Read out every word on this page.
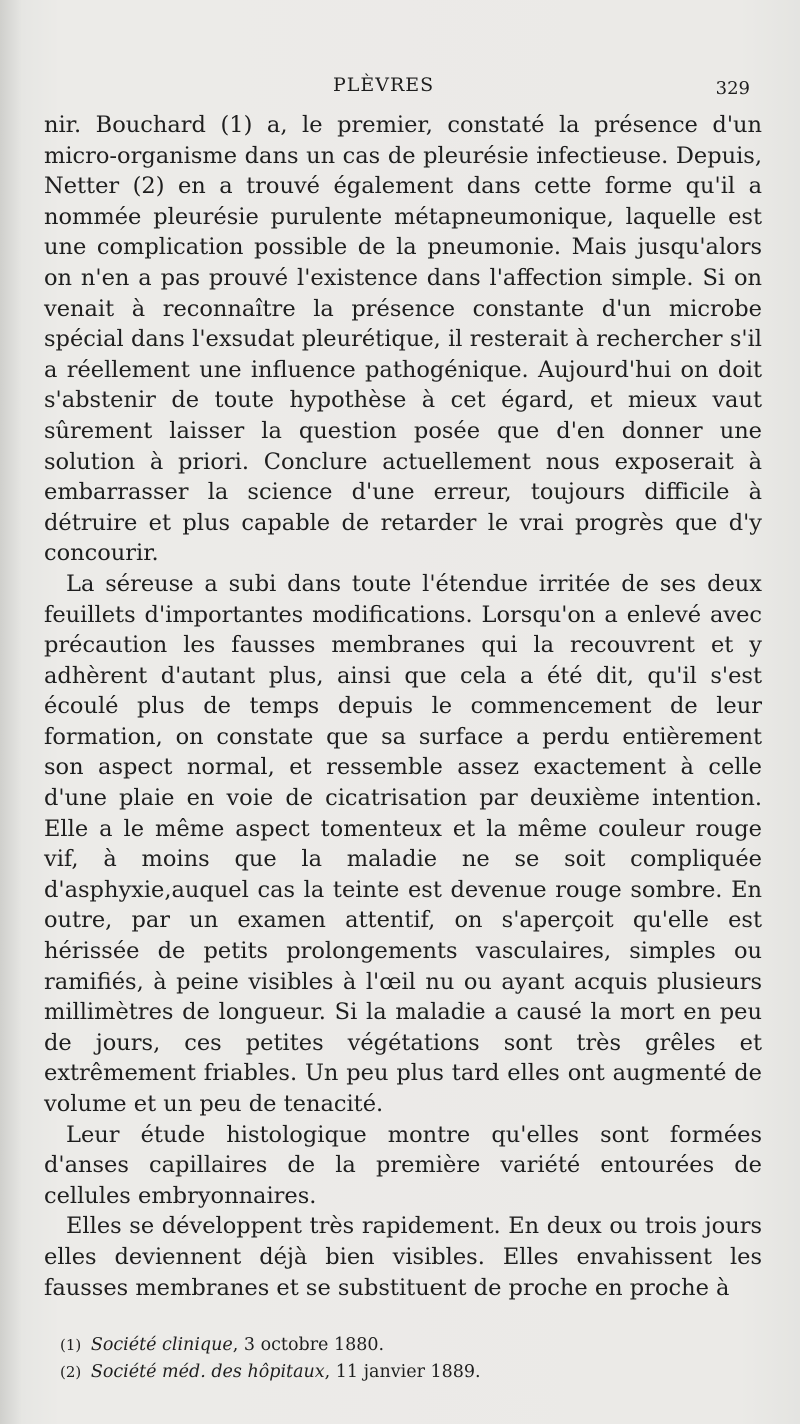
PLÈVRES	329

nir. Bouchard (1) a, le premier, constaté la présence d'un micro-organisme dans un cas de pleurésie infectieuse. Depuis, Netter (2) en a trouvé également dans cette forme qu'il a nommée pleurésie purulente métapneumonique, laquelle est une complication possible de la pneumonie. Mais jusqu'alors on n'en a pas prouvé l'existence dans l'affection simple. Si on venait à reconnaître la présence constante d'un microbe spécial dans l'exsudat pleurétique, il resterait à rechercher s'il a réellement une influence pathogénique. Aujourd'hui on doit s'abstenir de toute hypothèse à cet égard, et mieux vaut sûrement laisser la question posée que d'en donner une solution à priori. Conclure actuellement nous exposerait à embarrasser la science d'une erreur, toujours difficile à détruire et plus capable de retarder le vrai progrès que d'y concourir.

La séreuse a subi dans toute l'étendue irritée de ses deux feuillets d'importantes modifications. Lorsqu'on a enlevé avec précaution les fausses membranes qui la recouvrent et y adhèrent d'autant plus, ainsi que cela a été dit, qu'il s'est écoulé plus de temps depuis le commencement de leur formation, on constate que sa surface a perdu entièrement son aspect normal, et ressemble assez exactement à celle d'une plaie en voie de cicatrisation par deuxième intention. Elle a le même aspect tomenteux et la même couleur rouge vif, à moins que la maladie ne se soit compliquée d'asphyxie,auquel cas la teinte est devenue rouge sombre. En outre, par un examen attentif, on s'aperçoit qu'elle est hérissée de petits prolongements vasculaires, simples ou ramifiés, à peine visibles à l'œil nu ou ayant acquis plusieurs millimètres de longueur. Si la maladie a causé la mort en peu de jours, ces petites végétations sont très grêles et extrêmement friables. Un peu plus tard elles ont augmenté de volume et un peu de tenacité.

Leur étude histologique montre qu'elles sont formées d'anses capillaires de la première variété entourées de cellules embryonnaires.

Elles se développent très rapidement. En deux ou trois jours elles deviennent déjà bien visibles. Elles envahissent les fausses membranes et se substituent de proche en proche à

(1) Société clinique, 3 octobre 1880.

(2) Société méd. des hôpitaux, 11 janvier 1889.
